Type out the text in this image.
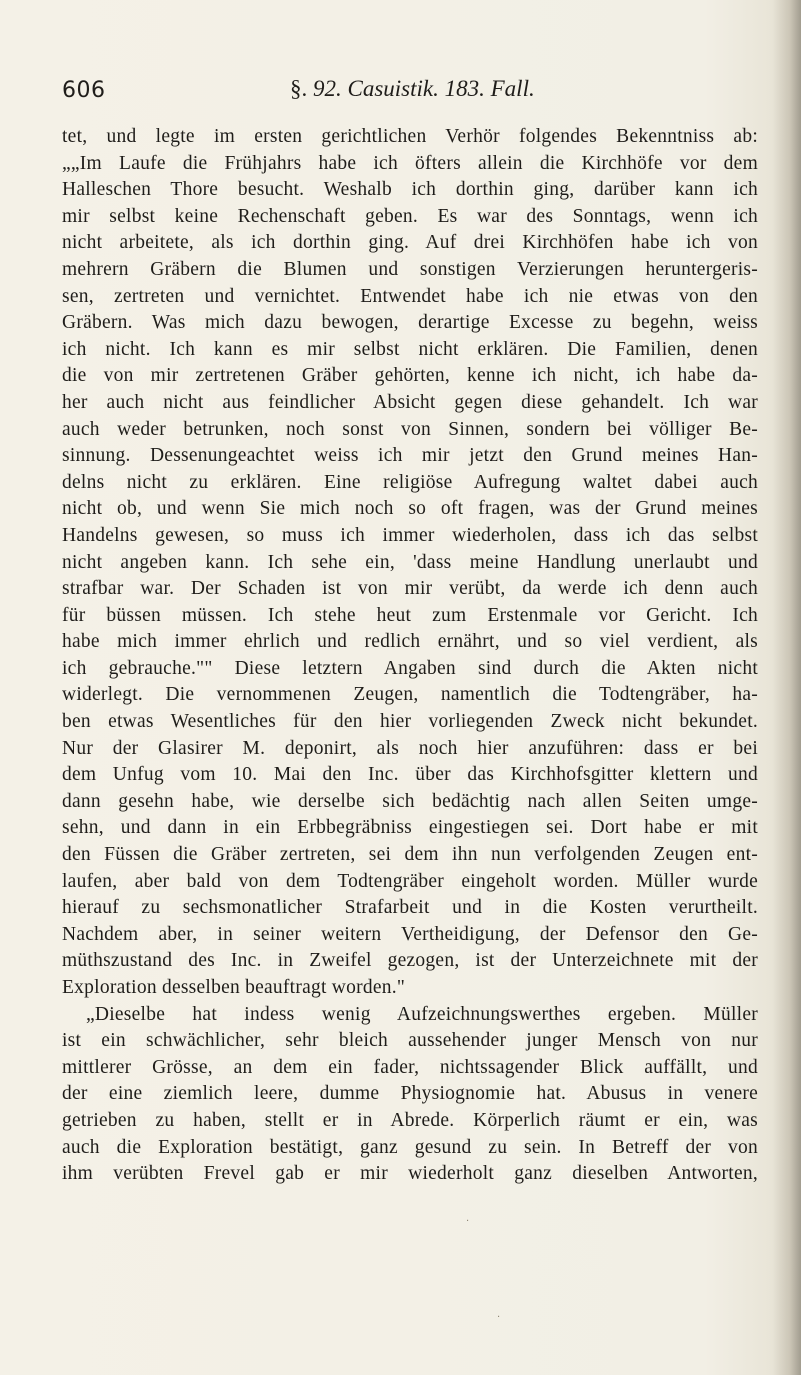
606	§. 92. Casuistik. 183. Fall.
tet, und legte im ersten gerichtlichen Verhör folgendes Bekenntniss ab:
„„Im Laufe die Frühjahrs habe ich öfters allein die Kirchhöfe vor dem
Halleschen Thore besucht. Weshalb ich dorthin ging, darüber kann ich
mir selbst keine Rechenschaft geben. Es war des Sonntags, wenn ich
nicht arbeitete, als ich dorthin ging. Auf drei Kirchhöfen habe ich von
mehrern Gräbern die Blumen und sonstigen Verzierungen heruntergeris-
sen, zertreten und vernichtet. Entwendet habe ich nie etwas von den
Gräbern. Was mich dazu bewogen, derartige Excesse zu begehn, weiss
ich nicht. Ich kann es mir selbst nicht erklären. Die Familien, denen
die von mir zertretenen Gräber gehörten, kenne ich nicht, ich habe da-
her auch nicht aus feindlicher Absicht gegen diese gehandelt. Ich war
auch weder betrunken, noch sonst von Sinnen, sondern bei völliger Be-
sinnung. Dessenungeachtet weiss ich mir jetzt den Grund meines Han-
delns nicht zu erklären. Eine religiöse Aufregung waltet dabei auch
nicht ob, und wenn Sie mich noch so oft fragen, was der Grund meines
Handelns gewesen, so muss ich immer wiederholen, dass ich das selbst
nicht angeben kann. Ich sehe ein, 'dass meine Handlung unerlaubt und
strafbar war. Der Schaden ist von mir verübt, da werde ich denn auch
für büssen müssen. Ich stehe heut zum Erstenmale vor Gericht. Ich
habe mich immer ehrlich und redlich ernährt, und so viel verdient, als
ich gebrauche."" Diese letztern Angaben sind durch die Akten nicht
widerlegt. Die vernommenen Zeugen, namentlich die Todtengräber, ha-
ben etwas Wesentliches für den hier vorliegenden Zweck nicht bekundet.
Nur der Glasirer M. deponirt, als noch hier anzuführen: dass er bei
dem Unfug vom 10. Mai den Inc. über das Kirchhofsgitter klettern und
dann gesehn habe, wie derselbe sich bedächtig nach allen Seiten umge-
sehn, und dann in ein Erbbegräbniss eingestiegen sei. Dort habe er mit
den Füssen die Gräber zertreten, sei dem ihn nun verfolgenden Zeugen ent-
laufen, aber bald von dem Todtengräber eingeholt worden. Müller wurde
hierauf zu sechsmonatlicher Strafarbeit und in die Kosten verurtheilt.
Nachdem aber, in seiner weitern Vertheidigung, der Defensor den Ge-
müthszustand des Inc. in Zweifel gezogen, ist der Unterzeichnete mit der
Exploration desselben beauftragt worden."
„Dieselbe hat indess wenig Aufzeichnungswerthes ergeben. Müller
ist ein schwächlicher, sehr bleich aussehender junger Mensch von nur
mittlerer Grösse, an dem ein fader, nichtssagender Blick auffällt, und
der eine ziemlich leere, dumme Physiognomie hat. Abusus in venere
getrieben zu haben, stellt er in Abrede. Körperlich räumt er ein, was
auch die Exploration bestätigt, ganz gesund zu sein. In Betreff der von
ihm verübten Frevel gab er mir wiederholt ganz dieselben Antworten,
·
·
